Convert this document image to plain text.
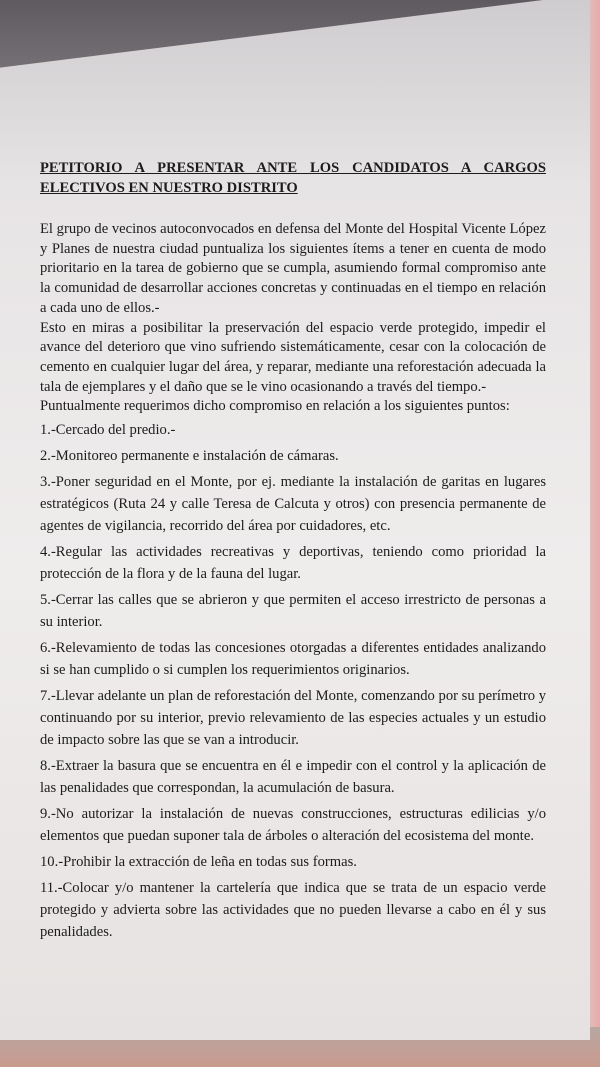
PETITORIO A PRESENTAR ANTE LOS CANDIDATOS A CARGOS ELECTIVOS EN NUESTRO DISTRITO

El grupo de vecinos autoconvocados en defensa del Monte del Hospital Vicente López y Planes de nuestra ciudad puntualiza los siguientes ítems a tener en cuenta de modo prioritario en la tarea de gobierno que se cumpla, asumiendo formal compromiso ante la comunidad de desarrollar acciones concretas y continuadas en el tiempo en relación a cada uno de ellos.-

Esto en miras a posibilitar la preservación del espacio verde protegido, impedir el avance del deterioro que vino sufriendo sistemáticamente, cesar con la colocación de cemento en cualquier lugar del área, y reparar, mediante una reforestación adecuada la tala de ejemplares y el daño que se le vino ocasionando a través del tiempo.-

Puntualmente requerimos dicho compromiso en relación a los siguientes puntos:

1.-Cercado del predio.-

2.-Monitoreo permanente e instalación de cámaras.

3.-Poner seguridad en el Monte, por ej. mediante la instalación de garitas en lugares estratégicos (Ruta 24 y calle Teresa de Calcuta y otros) con presencia permanente de agentes de vigilancia, recorrido del área por cuidadores, etc.

4.-Regular las actividades recreativas y deportivas, teniendo como prioridad la protección de la flora y de la fauna del lugar.

5.-Cerrar las calles que se abrieron y que permiten el acceso irrestricto de personas a su interior.

6.-Relevamiento de todas las concesiones otorgadas a diferentes entidades analizando si se han cumplido o si cumplen los requerimientos originarios.

7.-Llevar adelante un plan de reforestación del Monte, comenzando por su perímetro y continuando por su interior, previo relevamiento de las especies actuales y un estudio de impacto sobre las que se van a introducir.

8.-Extraer la basura que se encuentra en él e impedir con el control y la aplicación de las penalidades que correspondan, la acumulación de basura.

9.-No autorizar la instalación de nuevas construcciones, estructuras edilicias y/o elementos que puedan suponer tala de árboles o alteración del ecosistema del monte.

10.-Prohibir la extracción de leña en todas sus formas.

11.-Colocar y/o mantener la cartelería que indica que se trata de un espacio verde protegido y advierta sobre las actividades que no pueden llevarse a cabo en él y sus penalidades.
